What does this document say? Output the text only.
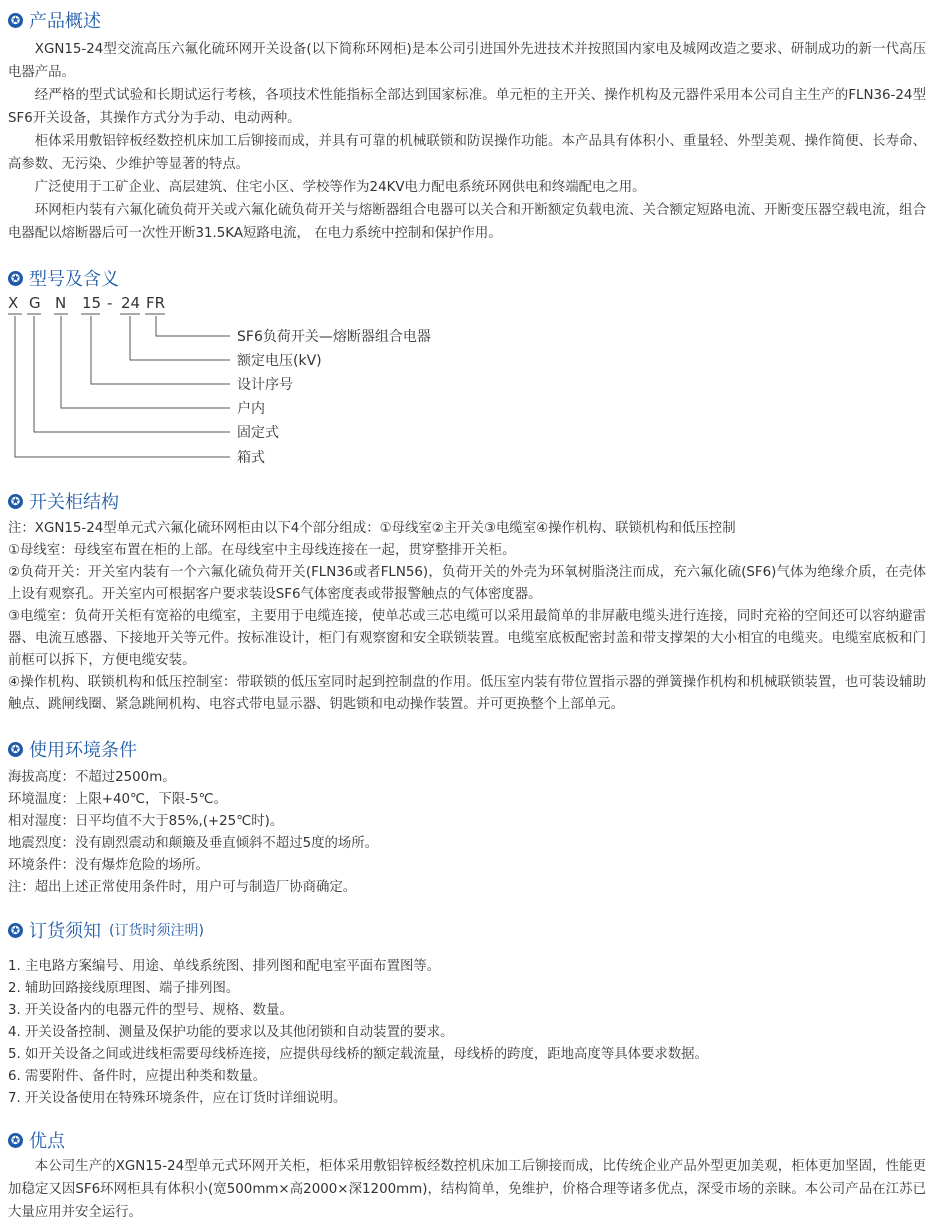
✪ 产品概述

XGN15-24型交流高压六氟化硫环网开关设备(以下简称环网柜)是本公司引进国外先进技术并按照国内家电及城网改造之要求、研制成功的新一代高压电器产品。

经严格的型式试验和长期试运行考核，各项技术性能指标全部达到国家标准。单元柜的主开关、操作机构及元器件采用本公司自主生产的FLN36-24型SF6开关设备，其操作方式分为手动、电动两种。

柜体采用敷铝锌板经数控机床加工后铆接而成，并具有可靠的机械联锁和防误操作功能。本产品具有体积小、重量轻、外型美观、操作简便、长寿命、高参数、无污染、少维护等显著的特点。

广泛使用于工矿企业、高层建筑、住宅小区、学校等作为24KV电力配电系统环网供电和终端配电之用。

环网柜内装有六氟化硫负荷开关或六氟化硫负荷开关与熔断器组合电器可以关合和开断额定负载电流、关合额定短路电流、开断变压器空载电流，组合电器配以熔断器后可一次性开断31.5KA短路电流， 在电力系统中控制和保护作用。

✪ 型号及含义
X G N 15 - 24 FR
SF6负荷开关—熔断器组合电器
额定电压(kV)
设计序号
户内
固定式
箱式
✪ 开关柜结构
注：XGN15-24型单元式六氟化硫环网柜由以下4个部分组成：①母线室②主开关③电缆室④操作机构、联锁机构和低压控制
①母线室：母线室布置在柜的上部。在母线室中主母线连接在一起，贯穿整排开关柜。
②负荷开关：开关室内装有一个六氟化硫负荷开关(FLN36或者FLN56)，负荷开关的外壳为环氧树脂浇注而成，充六氟化硫(SF6)气体为绝缘介质，在壳体上设有观察孔。开关室内可根据客户要求装设SF6气体密度表或带报警触点的气体密度器。
③电缆室：负荷开关柜有宽裕的电缆室，主要用于电缆连接，使单芯或三芯电缆可以采用最简单的非屏蔽电缆头进行连接，同时充裕的空间还可以容纳避雷器、电流互感器、下接地开关等元件。按标准设计，柜门有观察窗和安全联锁装置。电缆室底板配密封盖和带支撑架的大小相宜的电缆夹。电缆室底板和门前框可以拆下，方便电缆安装。
④操作机构、联锁机构和低压控制室：带联锁的低压室同时起到控制盘的作用。低压室内装有带位置指示器的弹簧操作机构和机械联锁装置，也可装设辅助触点、跳闸线圈、紧急跳闸机构、电容式带电显示器、钥匙锁和电动操作装置。并可更换整个上部单元。
✪ 使用环境条件
海拔高度：不超过2500m。
环境温度：上限+40℃，下限-5℃。
相对湿度：日平均值不大于85%,(+25℃时)。
地震烈度：没有剧烈震动和颠簸及垂直倾斜不超过5度的场所。
环境条件：没有爆炸危险的场所。
注：超出上述正常使用条件时，用户可与制造厂协商确定。
✪ 订货须知 (订货时须注明)
1. 主电路方案编号、用途、单线系统图、排列图和配电室平面布置图等。
2. 辅助回路接线原理图、端子排列图。
3. 开关设备内的电器元件的型号、规格、数量。
4. 开关设备控制、测量及保护功能的要求以及其他闭锁和自动装置的要求。
5. 如开关设备之间或进线柜需要母线桥连接，应提供母线桥的额定载流量，母线桥的跨度，距地高度等具体要求数据。
6. 需要附件、备件时，应提出种类和数量。
7. 开关设备使用在特殊环境条件，应在订货时详细说明。
✪ 优点

本公司生产的XGN15-24型单元式环网开关柜，柜体采用敷铝锌板经数控机床加工后铆接而成，比传统企业产品外型更加美观，柜体更加坚固，性能更加稳定又因SF6环网柜具有体积小(宽500mm×高2000×深1200mm)，结构简单，免维护，价格合理等诸多优点，深受市场的亲睐。本公司产品在江苏已大量应用并安全运行。
